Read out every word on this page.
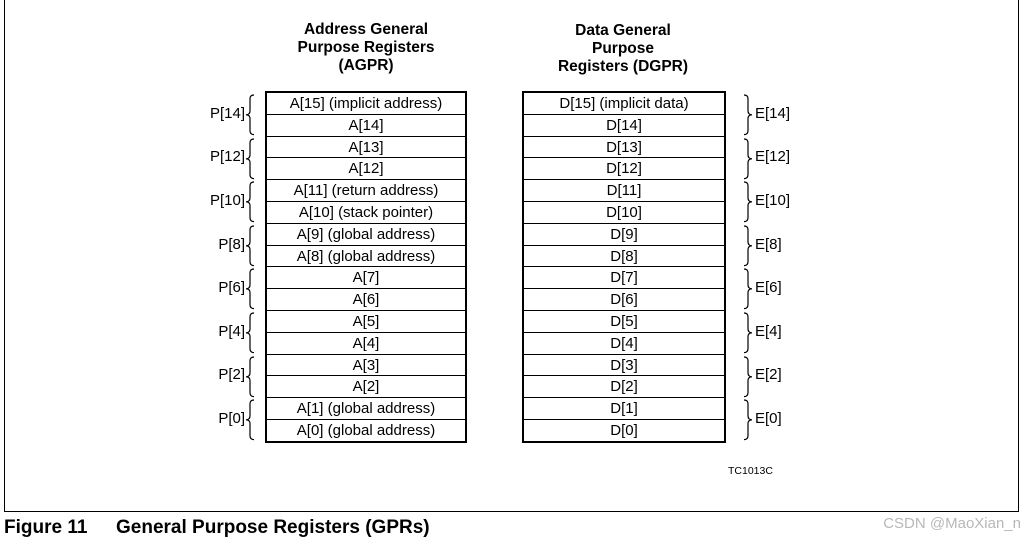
Address General
Purpose Registers
(AGPR)
Data General
Purpose
Registers (DGPR)
A[15] (implicit address)
A[14]
A[13]
A[12]
A[11] (return address)
A[10] (stack pointer)
A[9] (global address)
A[8] (global address)
A[7]
A[6]
A[5]
A[4]
A[3]
A[2]
A[1] (global address)
A[0] (global address)
D[15] (implicit data)
D[14]
D[13]
D[12]
D[11]
D[10]
D[9]
D[8]
D[7]
D[6]
D[5]
D[4]
D[3]
D[2]
D[1]
D[0]
P[14]
P[12]
P[10]
P[8]
P[6]
P[4]
P[2]
P[0]
E[14]
E[12]
E[10]
E[8]
E[6]
E[4]
E[2]
E[0]
TC1013C
Figure 11 General Purpose Registers (GPRs)	CSDN @MaoXian_n
